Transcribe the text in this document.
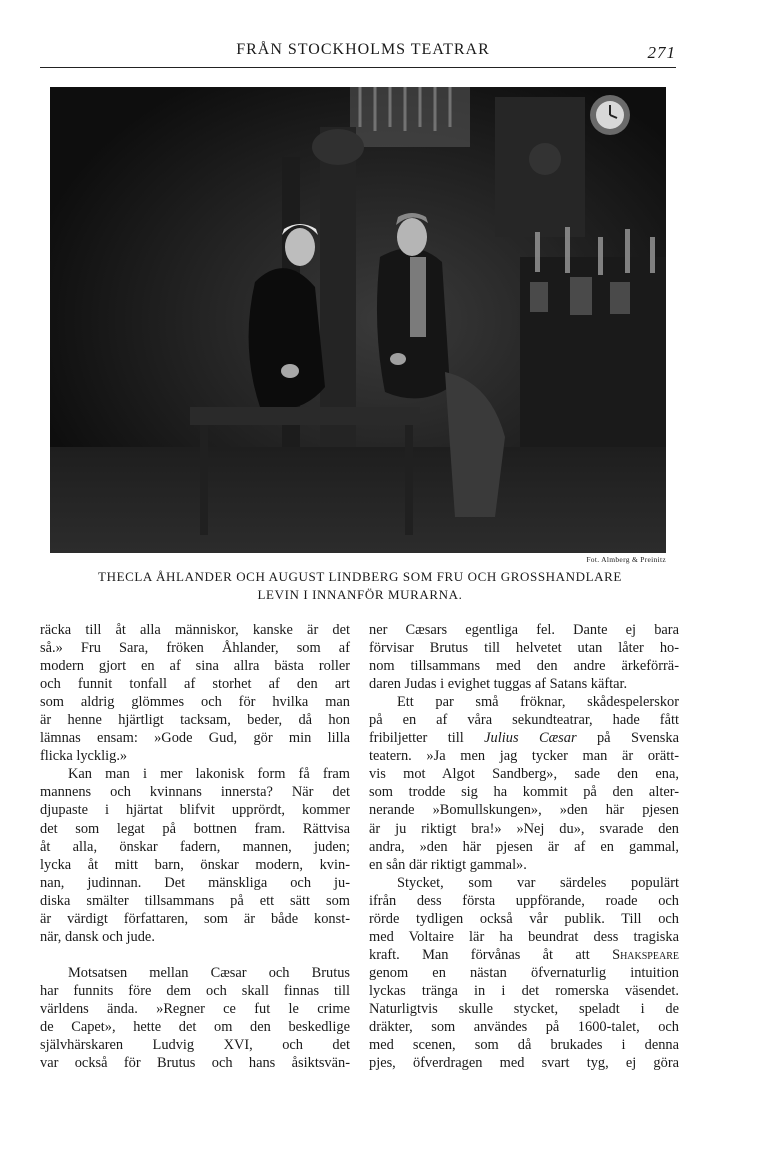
FRÅN STOCKHOLMS TEATRAR	271
Fot. Almberg & Preinitz
THECLA ÅHLANDER OCH AUGUST LINDBERG SOM FRU OCH GROSSHANDLARE
LEVIN I INNANFÖR MURARNA.
räcka till åt alla människor, kanske är det
så.» Fru Sara, fröken Åhlander, som af
modern gjort en af sina allra bästa roller
och funnit tonfall af storhet af den art
som aldrig glömmes och för hvilka man
är henne hjärtligt tacksam, beder, då hon
lämnas ensam: »Gode Gud, gör min lilla
flicka lycklig.»
Kan man i mer lakonisk form få fram
mannens och kvinnans innersta? När det
djupaste i hjärtat blifvit upprördt, kommer
det som legat på bottnen fram. Rättvisa
åt alla, önskar fadern, mannen, juden;
lycka åt mitt barn, önskar modern, kvin-
nan, judinnan. Det mänskliga och ju-
diska smälter tillsammans på ett sätt som
är värdigt författaren, som är både konst-
när, dansk och jude.
Motsatsen mellan Cæsar och Brutus
har funnits före dem och skall finnas till
världens ända. »Regner ce fut le crime
de Capet», hette det om den beskedlige
självhärskaren Ludvig XVI, och det
var också för Brutus och hans åsiktsvän-
ner Cæsars egentliga fel. Dante ej bara
förvisar Brutus till helvetet utan låter ho-
nom tillsammans med den andre ärkeförrä-
daren Judas i evighet tuggas af Satans käftar.
Ett par små fröknar, skådespelerskor
på en af våra sekundteatrar, hade fått
fribiljetter till Julius Cæsar på Svenska
teatern. »Ja men jag tycker man är orätt-
vis mot Algot Sandberg», sade den ena,
som trodde sig ha kommit på den alter-
nerande »Bomullskungen», »den här pjesen
är ju riktigt bra!» »Nej du», svarade den
andra, »den här pjesen är af en gammal,
en sån där riktigt gammal».
Stycket, som var särdeles populärt
ifrån dess första uppförande, roade och
rörde tydligen också vår publik. Till och
med Voltaire lär ha beundrat dess tragiska
kraft. Man förvånas åt att Shakspeare
genom en nästan öfvernaturlig intuition
lyckas tränga in i det romerska väsendet.
Naturligtvis skulle stycket, speladt i de
dräkter, som användes på 1600-talet, och
med scenen, som då brukades i denna
pjes, öfverdragen med svart tyg, ej göra
